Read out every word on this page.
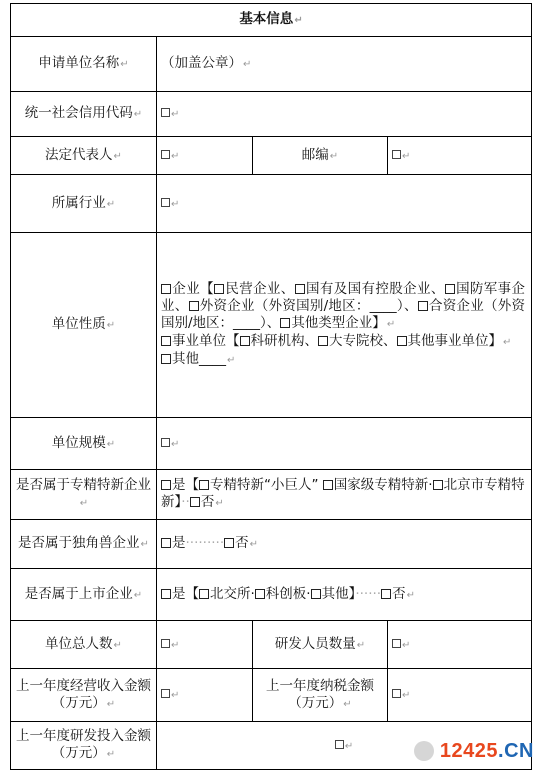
基本信息↵			
申请单位名称↵	（加盖公章）↵		
统一社会信用代码↵	↵		
法定代表人↵	↵	邮编↵	↵
所属行业↵	↵		
单位性质↵	企业【 民营企业、 国有及国有控股企业、 国防军事企业、 外资企业（外资国别/地区：____）、 合资企业（外资国别/地区：____）、 其他类型企业】↵
事业单位【 科研机构、 大专院校、 其他事业单位】↵
其他____↵		

单位规模↵	↵		
是否属于专精特新企业↵	是【 专精特新“小巨人” 国家级专精特新· 北京市专精特新】·· 否↵		
是否属于独角兽企业↵	是········· 否↵		
是否属于上市企业↵	是【 北交所· 科创板· 其他】······ 否↵		
单位总人数↵	↵	研发人员数量↵	↵
上一年度经营收入金额（万元）↵	↵	上一年度纳税金额（万元）↵	↵
上一年度研发投入金额（万元）↵	↵			12425.CN
